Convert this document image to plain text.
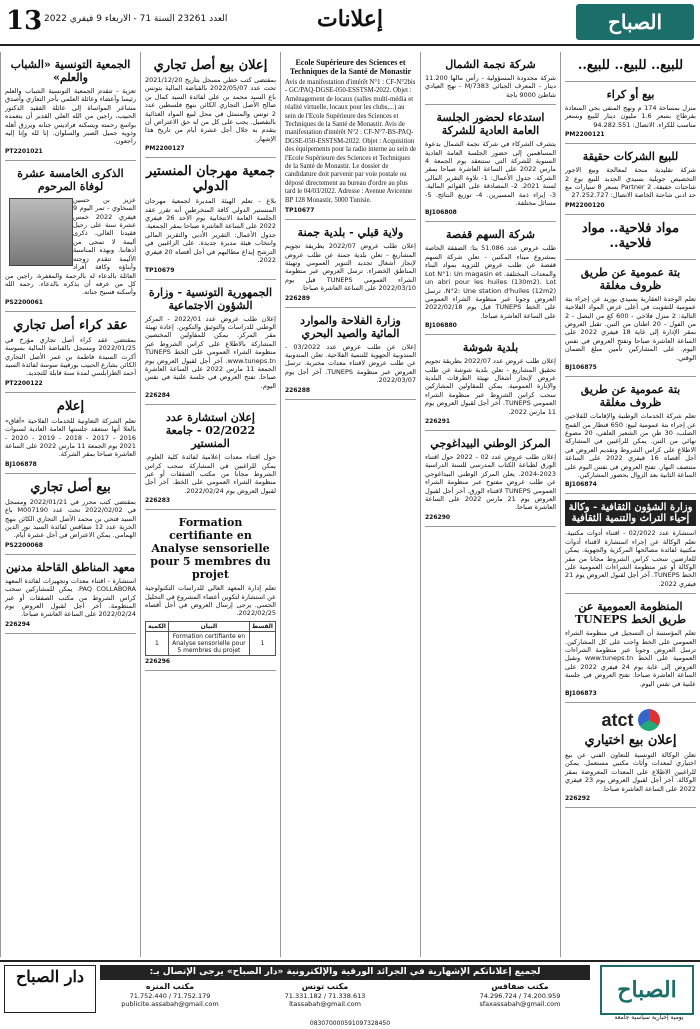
13 العدد 23261 السنة 71 - الاربعاء 9 فيفري 2022	إعلانات	الصباح
للبيع.. للبيع.. للبيع..
بيع أو كراء

منزل بمساحة 174 م ونهج المنفى بحي السعادة بقرطاج بسعر 1.6 مليون دينار للبيع وبسعر مناسب للكراء. الاتصال: 94.282.551

PM2200121
للبيع الشركات حقيقة

شركة تقليدية منحة لمعالجة وبيع الاجور التخصيص جويلية بسيدي الجديد للبيع نوع 2 شاحنات خفيفة، 2 Partner بسعر 8 سيارات مع حد ادنى شاحنة الخاصة الاتصال: 27.252.727

PM2200120
مواد فلاحية.. مواد فلاحية..
بتة عمومية عن طريق ظروف مغلقة

تعلم الوحدة العقارية بسيدي بوزيد عن إجراء بتة عمومية للتفويت في أعلى عرض المواد الفلاحية التالية: 2 منزل فلاحي - 600 كغ من البصل - 2 من الفول - 20 اطنان من التبن. تقبل العروض بمقر الإدارة إلى غاية 18 فيفري 2022 على الساعة العاشرة صباحا وتفتح العروض في نفس اليوم. على المشاركين تأمين مبلغ الضمان الوقتي.

BJ106875
بتة عمومية عن طريق ظروف مغلقة

تعلم شركة الخدمات الوطنية والإقامات للفلاحين عن إجراء بتة عمومية لبيع: 650 قنطار من القمح الصلب، 30 طن من الشعير العلفي، 20 مصوغ نهائي من التبن. يمكن للراغبين في المشاركة الاطلاع على كراس الشروط وتقديم العروض في أجل أقصاه 16 فيفري 2022 على الساعة منتصف النهار. تفتح العروض في نفس اليوم على الساعة الثانية بعد الزوال بحضور المشاركين.

BJ106874
وزارة الشؤون الثقافية - وكالة إحياء التراث والتنمية الثقافية

استشارة عدد 02/2022 - اقتناء أدوات مكتبية. تعلم الوكالة عن إجراء استشارة لاقتناء أدوات مكتبية لفائدة مصالحها المركزية والجهوية. يمكن للعارضين سحب كراس الشروط مجانا من مقر الوكالة أو عبر منظومة الشراءات العمومية على الخط TUNEPS. آخر أجل لقبول العروض يوم 21 فيفري 2022.

المنظومة العمومية عن طريق الخط TUNEPS

تعلم المؤسسة أن التسجيل في منظومة الشراء العمومي على الخط واجب على كل المشاركين. ترسل العروض وجوبا عبر منظومة الشراءات العمومية على الخط www.tuneps.tn وتقبل العروض إلى غاية يوم 24 فيفري 2022 على الساعة العاشرة صباحا. تفتح العروض في جلسة علنية في نفس اليوم.

BJ106873
atct
إعلان بيع اختياري

تعلن الوكالة التونسية للتعاون الفني عن بيع اختياري لمعدات وأثاث مكتبي مستعمل. يمكن للراغبين الاطلاع على المعدات المعروضة بمقر الوكالة. آخر أجل لقبول العروض يوم 23 فيفري 2022 على الساعة العاشرة صباحا.

226292
شركة نجمة الشمال

شركة محدودة المسؤولية - رأس مالها 11.200 دينار - المعرف الجبائي 7383/M - نهج العيادي شاطئ 9000 باجة

استدعاء لحضور الجلسة العامة العادية للشركة

يتشرف الشركاء في شركة نجمة الشمال بدعوة المساهمين إلى حضور الجلسة العامة العادية السنوية للشركة التي ستنعقد يوم الجمعة 4 مارس 2022 على الساعة العاشرة صباحا بمقر الشركة. جدول الأعمال: 1- تلاوة التقرير المالي لسنة 2021. 2- المصادقة على القوائم المالية. 3- إبراء ذمة المسيرين. 4- توزيع النتائج. 5- مسائل مختلفة.

BJ106808
شركة السهم قفصة

طلب عروض عدد 51.086 بتا: الصفقة الخاصة بمشروع ميناء المكنين - تعلن شركة السهم قفصة عن طلب عروض للتزويد بمواد البناء والمعدات المختلفة. Lot N°1: Un magasin et un abri pour les huiles (130m2). Lot N°2: Une station d'huiles (12m2). ترسل العروض وجوبا عبر منظومة الشراء العمومي على الخط TUNEPS قبل يوم 2022/02/18 على الساعة العاشرة صباحا.

BJ106880
بلدية شوشة

إعلان طلب عروض عدد 2022/07 بطريقة تجويم تحقيق المشاريع - تعلن بلدية شوشة عن طلب عروض لإنجاز أشغال تهيئة الطرقات البلدية والإنارة العمومية. يمكن للمقاولين المشاركين سحب كراس الشروط عبر منظومة الشراء العمومي TUNEPS. آخر أجل لقبول العروض يوم 11 مارس 2022.

226291
المركز الوطني البيداغوجي

إعلان طلب عروض عدد 02 - 2022 حول اقتناء الورق لطباعة الكتاب المدرسي للسنة الدراسية 2023-2024. يعلن المركز الوطني البيداغوجي عن طلب عروض مفتوح عبر منظومة الشراء العمومي TUNEPS لاقتناء الورق. آخر أجل لقبول العروض يوم 21 مارس 2022 على الساعة العاشرة صباحا.

226290
Ecole Supérieure des Sciences et Techniques de la Santé de Monastir

Avis de manifestation d'intérêt N°1 : CF-N°2bis - GC/PAQ-DGSE-050-ESSTSM-2022. Objet : Aménagement de locaux (salles multi-média et réalité virtuelle, locaux pour les clubs,...) au sein de l'Ecole Supérieure des Sciences et Techniques de la Santé de Monastir. Avis de manifestation d'intérêt N°2 : CF-N°7-BS-PAQ-DGSE-050-ESSTSM-2022. Objet : Acquisition des équipements pour la radio interne au sein de l'Ecole Supérieure des Sciences et Techniques de la Santé de Monastir. Le dossier de candidature doit parvenir par voie postale ou déposé directement au bureau d'ordre au plus tard le 04/03/2022. Adresse : Avenue Avicenne BP 128 Monastir, 5000 Tunisie.

TP10677
ولاية قبلي - بلدية جمنة

إعلان طلب عروض 2022/07 بطريقة تجويم المشاريع - تعلن بلدية جمنة عن طلب عروض لإنجاز أشغال تجديد التنوير العمومي وتهيئة المناطق الخضراء. ترسل العروض عبر منظومة الشراء العمومي TUNEPS قبل يوم 2022/03/10 على الساعة العاشرة صباحا.

226289
وزارة الفلاحة والموارد المائية والصيد البحري

إعلان عن طلب عروض عدد 03/2022 - المندوبية الجهوية للتنمية الفلاحية. تعلن المندوبية عن طلب عروض لاقتناء معدات مخبرية. ترسل العروض عبر منظومة TUNEPS. آخر أجل يوم 2022/03/07.

226288
إعلان بيع أصل تجاري

بمقتضى كتب خطي مسجل بتاريخ 2021/12/20 تحت عدد 2022/05/07 بالقباضة المالية بتونس باع السيد محمد بن علي لفائدة السيد كمال بن صالح الأصل التجاري الكائن بنهج فلسطين عدد 2 تونس والمتمثل في محل لبيع المواد الغذائية بالتفصيل. يجب على كل من له حق الاعتراض أن يتقدم به خلال أجل عشرة أيام من تاريخ هذا الإشهار.

PM2200127
جمعية مهرجان المنستير الدولي

بلاغ - تعلم الهيئة المديرة لجمعية مهرجان المنستير الدولي كافة المنخرطين أنه تقرر عقد الجلسة العامة الانتخابية يوم الأحد 26 فيفري 2022 على الساعة العاشرة صباحا بمقر الجمعية. جدول الأعمال: التقرير الأدبي والتقرير المالي وانتخاب هيئة مديرة جديدة. على الراغبين في الترشح إيداع مطالبهم في أجل أقصاه 20 فيفري 2022.

TP10679
الجمهورية التونسية - وزارة الشؤون الاجتماعية

إعلان طلب عروض عدد 2022/01 - المركز الوطني للدراسات والتوثيق والتكوين. إعادة تهيئة مقر المركز. يمكن للمقاولين المختصين المشاركة بالاطلاع على كراس الشروط عبر منظومة الشراء العمومي على الخط TUNEPS www.tuneps.tn. آخر أجل لقبول العروض يوم الجمعة 11 مارس 2022 على الساعة العاشرة صباحا. تفتح العروض في جلسة علنية في نفس اليوم.

226284
إعلان استشارة عدد 02/2022 - جامعة المنستير

حول اقتناء معدات إعلامية لفائدة كلية العلوم. يمكن للراغبين في المشاركة سحب كراس الشروط مجانا من مكتب الصفقات أو عبر منظومة الشراء العمومي على الخط. آخر أجل لقبول العروض يوم 2022/02/24.

226283
Formation certifiante en Analyse sensorielle pour 5 membres du projet

تعلم إدارة المعهد العالي للدراسات التكنولوجية عن استشارة لتكوين أعضاء المشروع في التحليل الحسي. يرجى إرسال العروض في أجل أقصاه 2022/02/25.

القسط	البيان	الكمية
1	Formation certifiante en Analyse sensorielle pour 5 membres du projet	1
226296
الجمعية التونسية «الشباب والعلم»

تعزية - تتقدم الجمعية التونسية الشباب والعلم رئيسا وأعضاء وعائلة العلمي بأحر التعازي وأصدق مشاعر المواساة إلى عائلة الفقيد الدكتور الحبيب، راجين من الله العلي القدير أن يتغمده بواسع رحمته ويسكنه فراديس جنانه ويرزق أهله وذويه جميل الصبر والسلوان. إنا لله وإنا إليه راجعون.

PT2201021
الذكرى الخامسة عشرة لوفاة المرحوم

عزيز بن حسين السخاوي - تمر اليوم 9 فيفري 2022 خمس عشرة سنة على رحيل فقيدنا الغالي، ذكرى أليمة لا تمحى من أذهاننا. وبهذه المناسبة الأليمة تتقدم زوجته وأبناؤه وكافة أفراد العائلة بالدعاء له بالرحمة والمغفرة، راجين من كل من عرفه أن يذكره بالدعاء. رحمه الله وأسكنه فسيح جناته.

PS2200061
عقد كراء أصل تجاري

بمقتضى عقد كراء أصل تجاري مؤرخ في 2022/01/25 ومسجل بالقباضة المالية بسوسة أكرت السيدة فاطمة بن عمر الأصل التجاري الكائن بشارع الحبيب بورقيبة سوسة لفائدة السيد أحمد الطرابلسي لمدة سنة قابلة للتجديد.

PT2200122
إعلام

تعلم الشركة التعاونية للخدمات الفلاحية «آفاق» بالعلا أنها ستعقد جلستها العامة العادية لسنوات 2016 - 2017 - 2018 - 2019 - 2020 - 2021 يوم الجمعة 11 مارس 2022 على الساعة العاشرة صباحا بمقر الشركة.

BJ106878
بيع أصل تجاري

بمقتضى كتب محرر في 2022/01/21 ومسجل في 2022/02/02 تحت عدد M007190 باع السيد فتحي بن محمد الأصل التجاري الكائن بنهج الحرية عدد 12 صفاقس لفائدة السيد نور الدين الهمامي. يمكن الاعتراض في أجل عشرة أيام.

PS2200068
معهد المناطق القاحلة مدنين

استشارة - اقتناء معدات وتجهيزات لفائدة المعهد PAQ COLLABORA. يمكن للمشاركين سحب كراس الشروط من مكتب الصفقات أو عبر المنظومة. آخر أجل لقبول العروض يوم 2022/02/24 على الساعة العاشرة صباحا.

226294
الصباح
يومية إخبارية سياسية جامعة
لجميع إعلاناتكم الإشهارية في الجرائد الورقية والإلكترونية «دار الصباح» يرجى الإتصال بـ:
مكتب المنزه
71.752.179 / 71.752.440
publicite.assabah@gmail.com
مكتب تونس
71.338.613 / 71.331.182
ltassabah@gmail.com
مكتب صفاقس
74.200.959 / 74.296.724
sfaxassabah@gmail.com
دار الصباح
083070000591097328450
